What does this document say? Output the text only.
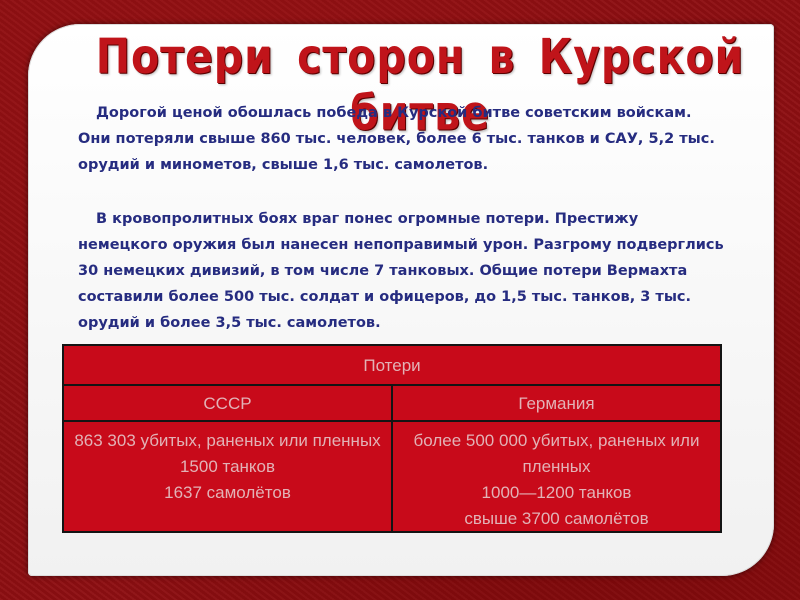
Потери сторон в Курской битве

Дорогой ценой обошлась победа в Курской битве советским войскам. Они потеряли свыше 860 тыс. человек, более 6 тыс. танков и САУ, 5,2 тыс. орудий и минометов, свыше 1,6 тыс. самолетов.

В кровопролитных боях враг понес огромные потери. Престижу немецкого оружия был нанесен непоправимый урон. Разгрому подверглись 30 немецких дивизий, в том числе 7 танковых. Общие потери Вермахта составили более 500 тыс. солдат и офицеров, до 1,5 тыс. танков, 3 тыс. орудий и более 3,5 тыс. самолетов.

Потери
СССР	Германия
863 303 убитых, раненых или пленных
1500 танков
1637 самолётов
более 500 000 убитых, раненых или пленных
1000—1200 танков
свыше 3700 самолётов
